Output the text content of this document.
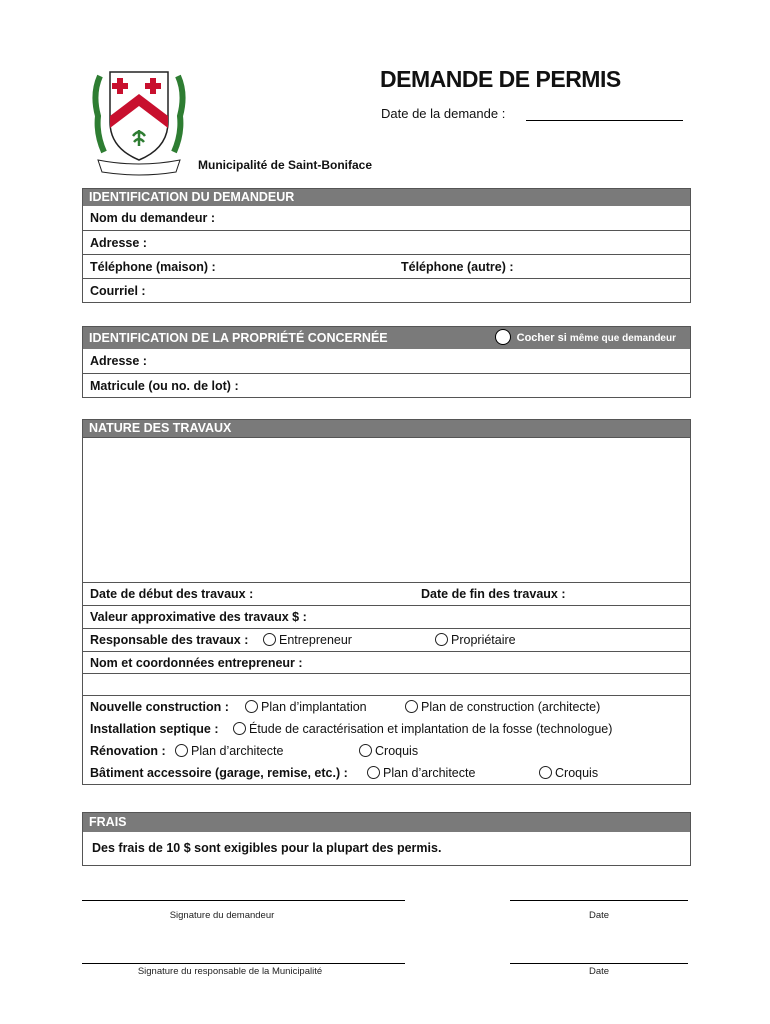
DEMANDE DE PERMIS
Date de la demande :
Municipalité de Saint-Boniface
IDENTIFICATION DU DEMANDEUR
Nom du demandeur :
Adresse :
Téléphone (maison) :	Téléphone (autre) :
Courriel :
IDENTIFICATION DE LA PROPRIÉTÉ CONCERNÉE	Cocher si même que demandeur
Adresse :
Matricule (ou no. de lot) :
NATURE DES TRAVAUX
Date de début des travaux :	Date de fin des travaux :
Valeur approximative des travaux $ :
Responsable des travaux :	Entrepreneur	Propriétaire
Nom et coordonnées entrepreneur :
Nouvelle construction :	Plan d’implantation	Plan de construction (architecte)
Installation septique :	Étude de caractérisation et implantation de la fosse (technologue)
Rénovation :	Plan d’architecte	Croquis
Bâtiment accessoire (garage, remise, etc.) :	Plan d’architecte	Croquis
FRAIS
Des frais de 10 $ sont exigibles pour la plupart des permis.
Signature du demandeur	Date
Signature du responsable de la Municipalité	Date
